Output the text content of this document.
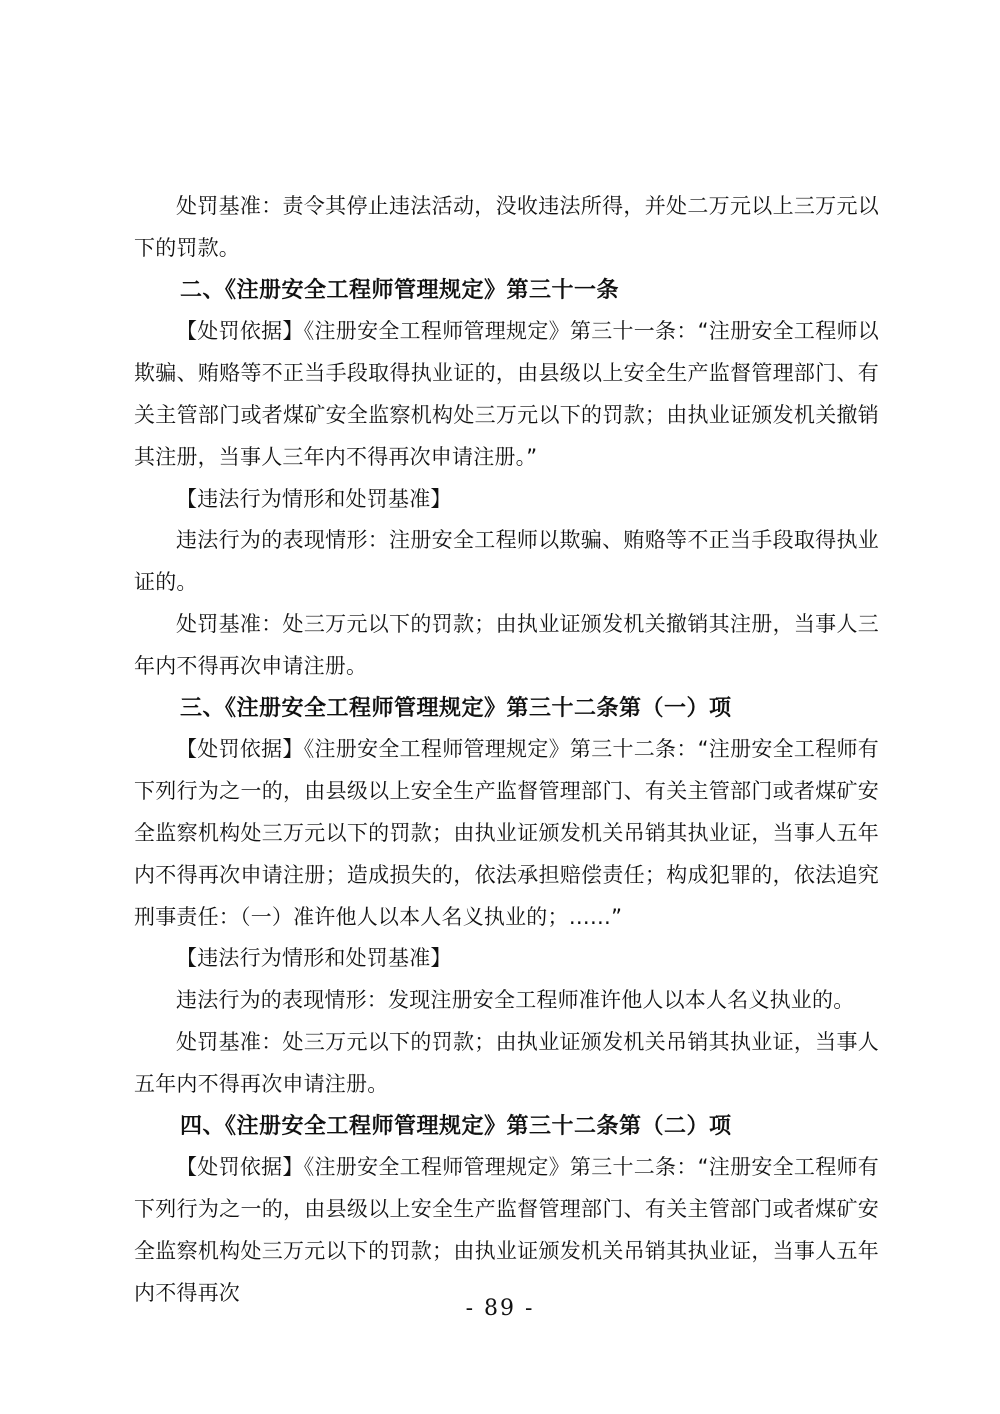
处罚基准：责令其停止违法活动，没收违法所得，并处二万元以上三万元以下的罚款。

二、《注册安全工程师管理规定》第三十一条

【处罚依据】《注册安全工程师管理规定》第三十一条：“注册安全工程师以欺骗、贿赂等不正当手段取得执业证的，由县级以上安全生产监督管理部门、有关主管部门或者煤矿安全监察机构处三万元以下的罚款；由执业证颁发机关撤销其注册，当事人三年内不得再次申请注册。”

【违法行为情形和处罚基准】

违法行为的表现情形：注册安全工程师以欺骗、贿赂等不正当手段取得执业证的。

处罚基准：处三万元以下的罚款；由执业证颁发机关撤销其注册，当事人三年内不得再次申请注册。

三、《注册安全工程师管理规定》第三十二条第（一）项

【处罚依据】《注册安全工程师管理规定》第三十二条：“注册安全工程师有下列行为之一的，由县级以上安全生产监督管理部门、有关主管部门或者煤矿安全监察机构处三万元以下的罚款；由执业证颁发机关吊销其执业证，当事人五年内不得再次申请注册；造成损失的，依法承担赔偿责任；构成犯罪的，依法追究刑事责任：（一）准许他人以本人名义执业的；……”

【违法行为情形和处罚基准】

违法行为的表现情形：发现注册安全工程师准许他人以本人名义执业的。

处罚基准：处三万元以下的罚款；由执业证颁发机关吊销其执业证，当事人五年内不得再次申请注册。

四、《注册安全工程师管理规定》第三十二条第（二）项

【处罚依据】《注册安全工程师管理规定》第三十二条：“注册安全工程师有下列行为之一的，由县级以上安全生产监督管理部门、有关主管部门或者煤矿安全监察机构处三万元以下的罚款；由执业证颁发机关吊销其执业证，当事人五年内不得再次

- 89 -
